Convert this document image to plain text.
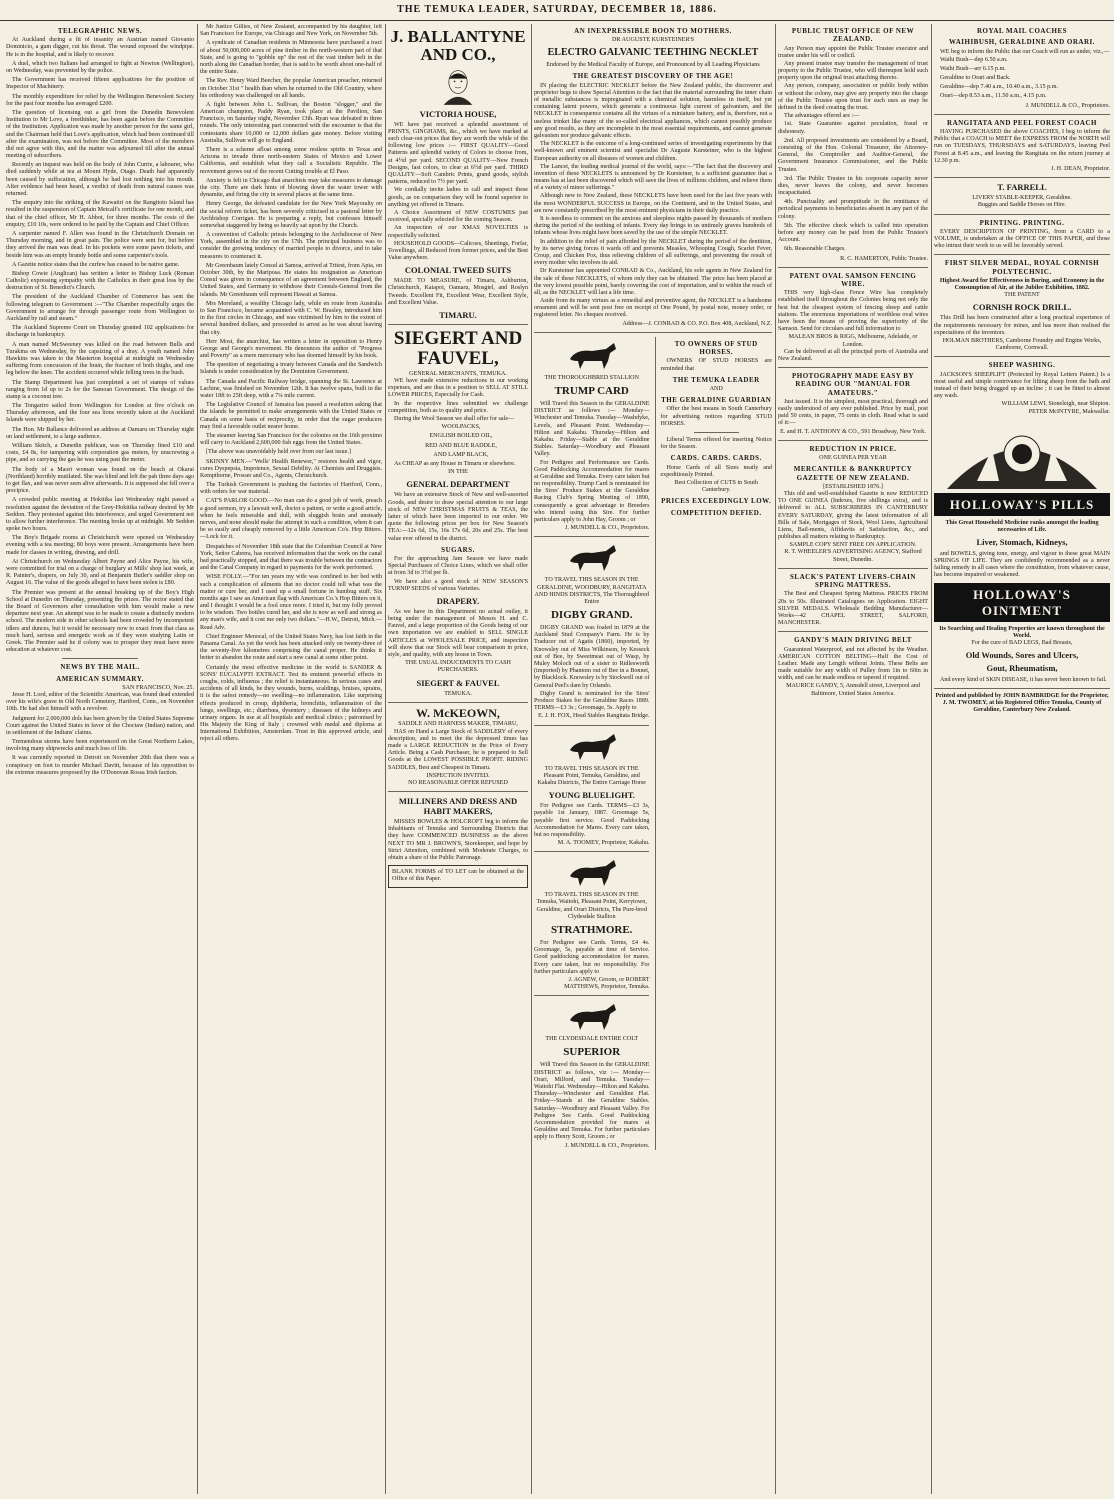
THE TEMUKA LEADER, SATURDAY, DECEMBER 18, 1886.
TELEGRAPHIC NEWS.

At Auckland during a fit of insanity an Austrian named Giovanio Dominicio, a gum digger, cut his throat. The wound exposed the windpipe. He is in the hospital, and is likely to recover.

A duel, which two Italians had arranged to fight at Newton (Wellington), on Wednesday, was prevented by the police.

The Government has received fifteen applications for the position of Inspector of Machinery.

The monthly expenditure for relief by the Wellington Benevolent Society for the past four months has averaged £200.

The question of licensing out a girl from the Dunedin Benevolent Institution to Mr Love, a freethinker, has been again before the Committee of the Institution. Application was made by another person for the same girl, and the Chairman held that Love's application, which had been continued till after the examination, was not before the Committee. Most of the members did not agree with this, and the matter was adjourned till after the annual meeting of subscribers.

Recently an inquest was held on the body of John Currie, a labourer, who died suddenly while at tea at Mount Hyde, Otago. Death had apparently been caused by suffocation, although he had lost nothing into his mouth. After evidence had been heard, a verdict of death from natural causes was returned.

The enquiry into the striking of the Kawatiri on the Rangitoto Island has resulted in the suspension of Captain Metcalf's certificate for one month, and that of the chief officer, Mr H. Abbot, for three months. The costs of the enquiry, £10 10s, were ordered to be paid by the Captain and Chief Officer.

A carpenter named F. Allen was found in the Christchurch Domain on Thursday morning, and in great pain. The police were sent for, but before they arrived the man was dead. In his pockets were some pawn tickets, and beside him was an empty brandy bottle and some carpenter's tools.

A Gazette notice states that the curfew has ceased to be native game.

Bishop Cowie (Anglican) has written a letter to Bishop Luck (Roman Catholic) expressing sympathy with the Catholics in their great loss by the destruction of St. Benedict's Church.

The president of the Auckland Chamber of Commerce has sent the following telegram to Government :—"The Chamber respectfully urges the Government to arrange for through passenger route from Wellington to Auckland by rail and steam."

The Auckland Supreme Court on Thursday granted 102 applications for discharge in bankruptcy.

A man named McSweeney was killed on the road between Bulls and Turakina on Wednesday, by the capsizing of a dray. A youth named John Hawkins was taken to the Masterton hospital at midnight on Wednesday suffering from concussion of the brain, the fracture of both thighs, and one leg below the knee. The accident occurred while felling trees in the bush.

The Stamp Department has just completed a set of stamps of values ranging from 1d up to 2s for the Samoan Government. The design of the stamp is a coconut tree.

The Tongariro sailed from Wellington for London at five o'clock on Thursday afternoon, and the four sea lions recently taken at the Auckland Islands were shipped by her.

The Hon. Mr Ballance delivered an address at Oamaru on Thursday night on land settlement, to a large audience.

William Skitch, a Dunedin publican, was on Thursday fined £10 and costs, £4 8s, for tampering with corporation gas meters, by unscrewing a pipe, and so carrying the gas he was using past the meter.

The body of a Maori woman was found on the beach at Okarai (Northland) horribly mutilated. She was blind and left the pah three days ago to get flax, and was never seen alive afterwards. It is supposed she fell over a precipice.

A crowded public meeting at Hokitika last Wednesday night passed a resolution against the deviation of the Grey-Hokitika railway desired by Mr Seddon. They protested against this interference, and urged Government not to allow further interference. The meeting broke up at midnight. Mr Seddon spoke two hours.

The Boy's Brigade rooms at Christchurch were opened on Wednesday evening with a tea meeting; 80 boys were present. Arrangements have been made for classes in writing, drawing, and drill.

At Christchurch on Wednesday Albert Payne and Alice Payne, his wife, were committed for trial on a charge of burglary at Mills' shop last week, at R. Painter's, drapers, on July 30, and at Benjamin Butler's saddler shop on August 16. The value of the goods alleged to have been stolen is £80.

The Premier was present at the annual breaking up of the Boy's High School at Dunedin on Thursday, presenting the prizes. The rector stated that the Board of Governors after consultation with him would make a new departure next year. An attempt was to be made to create a distinctly modern school. The modern side in other schools had been crowded by incompetent idlers and dunces, but it would be necessary now to exact from that class as much hard, serious and energetic work as if they were studying Latin or Greek. The Premier said he if colony was to prosper they must have more education at whatever cost.

NEWS BY THE MAIL.
AMERICAN SUMMARY.
SAN FRANCISCO, Nov. 25.

Jesse H. Lord, editor of the Scientific American, was found dead extended over his wife's grave in Old North Cemetery, Hartford, Conn., on November 10th. He had shot himself with a revolver.

Judgment for 2,000,000 dols has been given by the United States Supreme Court against the United States in favor of the Choctaw (Indian) nation, and in settlement of the Indians' claims.

Tremendous storms have been experienced on the Great Northern Lakes, involving many shipwrecks and much loss of life.

It was currently reported in Detroit on November 20th that there was a conspiracy on foot to murder Michael Davitt, because of his opposition to the extreme measures proposed by the O'Donovan Rossa Irish faction.

Mr Justice Gillies, of New Zealand, accompanied by his daughter, left San Francisco for Europe, via Chicago and New York, on November 5th.

A syndicate of Canadian residents in Minnesota have purchased a tract of about 50,000,000 acres of pine timber in the north-western part of that State, and is going to "gobble up" the rest of the vast timber belt in the north along the Canadian border, that is said to be worth about one-half of the entire State.

The Rev. Henry Ward Beecher, the popular American preacher, returned on October 31st " health than when he returned to the Old Country, where his orthodoxy was challenged on all hands.

A fight between John L. Sullivan, the Boston "slogger," and the American champion, Paddy Ryan, took place at the Pavilion, San Francisco, on Saturday night, November 13th. Ryan was defeated in three rounds. The only interesting part connected with the encounter is that the contestants share 10,000 or 12,000 dollars gate money. Before visiting Australia, Sullivan will go to England.

There is a scheme afloat among some restless spirits in Texas and Arizona to invade three north-eastern States of Mexico and Lower California, and establish what they call a Socialistic Republic. The movement grows out of the recent Cutting trouble at El Paso.

Anxiety is felt in Chicago that anarchists may take measures to damage the city. There are dark hints of blowing down the water tower with dynamite, and firing the city in several places at the same time.

Henry George, the defeated candidate for the New York Mayoralty on the social reform ticket, has been severely criticised in a pastoral letter by Archbishop Corrigan. He is preparing a reply, but confesses himself somewhat staggered by being so heavily sat upon by the Church.

A convention of Catholic priests belonging to the Archdiocese of New York, assembled in the city on the 17th. The principal business was to consider the growing tendency of married people to divorce, and to take measures to counteract it.

Mr Greenbaum lately Consul at Samoa, arrived at Tritest, from Apia, on October 30th, by the Mariposa. He states his resignation as American Consul was given in consequence of an agreement between England, the United States, and Germany to withdraw their Consuls-General from the islands. Mr Greenbaum will represent Hawaii at Samoa.

Mrs Moreland, a wealthy Chicago lady, while en route from Australia to San Francisco, became acquainted with C. W. Brasley, introduced him in the first circles in Chicago, and was victimised by him to the extent of several hundred dollars, and proceeded to arrest as he was about leaving that city.

Herr Most, the anarchist, has written a letter in opposition to Henry George and George's movement. He denounces the author of "Progress and Poverty" as a mere mercenary who has doomed himself by his book.

The question of negotiating a treaty between Canada and the Sandwich Islands is under consideration by the Dominion Government.

The Canada and Pacific Railway bridge, spanning the St. Lawrence at Lachine, was finished on November 12th. It has twelve spans, built in the water 18ft to 25ft deep, with a 7¼ mile current.

The Legislative Council of Jamaica has passed a resolution asking that the islands be permitted to make arrangements with the United States or Canada on some basis of reciprocity, in order that the sugar producers may find a favorable outlet nearer home.

The steamer leaving San Francisco for the colonies on the 16th proximo will carry to Auckland 2,600,000 fish eggs from the United States.

[The above was unavoidably held over from our last issue.]

SKINNY MEN.—"Wells' Health Renewer," restores health and vigor, cures Dyspepsia, Impotence, Sexual Debility. At Chemists and Druggists. Kempthorne, Prosser and Co., Agents, Christchurch.

The Turkish Government is pushing the factories of Hartford, Conn., with orders for war material.

CAT'S PARLOR GOOD.—No man can do a good job of work, preach a good sermon, try a lawsuit well, doctor a patient, or write a good article, when he feels miserable and dull, with sluggish brain and unsteady nerves, and none should make the attempt in such a condition, when it can be so easily and cheaply removed by a little American Co's. Hop Bitters.—Lock for it.

Despatches of November 18th state that the Columbian Council at New York, Señor Cabrera, has received information that the work on the canal had practically stopped, and that there was trouble between the contractors and the Canal Company in regard to payments for the work performed.

WISE FOLLY.—"For ten years my wife was confined to her bed with such a complication of ailments that no doctor could tell what was the matter or cure her, and I used up a small fortune in humbug stuff. Six months ago I saw an American flag with American Co.'s Hop Bitters on it, and I thought I would be a fool once more. I tried it, but my folly proved to be wisdom. Two bottles cured her, and she is now as well and strong as any man's wife, and it cost me only two dollars."—H.W., Detroit, Mich.—Read Adv.

Chief Engineer Menocal, of the United States Navy, has lost faith in the Panama Canal. As yet the work has been attacked only on twenty-three of the seventy-five kilometres comprising the canal proper. He thinks it better to abandon the route and start a new canal at some other point.

Certainly the most effective medicine in the world is SANDER & SONS' EUCALYPTI EXTRACT. Test its eminent powerful effects in coughs, colds, influenza ; the relief is instantaneous. In serious cases and accidents of all kinds, be they wounds, burns, scaldings, bruises, sprains, it is the safest remedy—no swelling—no inflammation. Like surprising effects produced in croup, diphtheria, bronchitis, inflammation of the lungs, swellings, etc.; diarrhœa, dysentery ; diseases of the kidneys and urinary organs. In use at all hospitals and medical clinics ; patronised by His Majesty the King of Italy ; crowned with medal and diploma at International Exhibition, Amsterdam. Trust in this approved article, and reject all others.

J. BALLANTYNE AND CO.,
VICTORIA HOUSE,

WE have just received a splendid assortment of PRINTS, GINGHAMS, &c., which we have marked at such clear-out prices that they are worth the while of the following low prices :— FIRST QUALITY—Good Patterns and splendid variety of Colors to choose from, at 4½d per yard. SECOND QUALITY—New French Designs, fast colors, to clear at 6½d per yard. THIRD QUALITY—Soft Cambric Prints, grand goods, stylish patterns, reduced to 7½ per yard.

We cordially invite ladies to call and inspect these goods, as on comparison they will be found superior to anything yet offered in Timaru.

A Choice Assortment of NEW COSTUMES just received, specially selected for the coming Season.

An inspection of our XMAS NOVELTIES is respectfully solicited.

HOUSEHOLD GOODS—Calicoes, Sheetings, Forfar, Towellings, all Reduced from former prices, and the Best Value anywhere.

COLONIAL TWEED SUITS

MADE TO MEASURE, of Timaru, Ashburton, Christchurch, Kaiapoi, Oamaru, Mosgiel, and Roslyn Tweeds. Excellent Fit, Excellent Wear, Excellent Style, and Excellent Value.

TIMARU.
SIEGERT AND FAUVEL,
GENERAL MERCHANTS, TEMUKA.

WE have made extensive reductions in our working expenses, and are thus in a position to SELL AT STILL LOWER PRICES, Especially for Cash.

In the respective lines submitted we challenge competition, both as to quality and price.

During the Wool Season we shall offer for sale—

WOOLPACKS,

ENGLISH BOILED OIL,

RED AND BLUE RADDLE,

AND LAMP BLACK,

As CHEAP as any House in Timaru or elsewhere.

IN THE
GENERAL DEPARTMENT

We have an extensive Stock of New and well-assorted Goods, and desire to draw special attention to our large stock of NEW CHRISTMAS FRUITS & TEAS, the latter of which have been imported to our order. We quote the following prices per box for New Season's TEA:—12s 6d, 15s, 16s 17s 6d, 20s and 25s. The best value ever offered in the district.

SUGARS.

For the approaching Jam Season we have made Special Purchases of Choice Lines, which we shall offer at from 3d to 3½d per lb.

We have also a good stock of NEW SEASON'S TURNIP SEEDS of various Varieties.

DRAPERY.

As we have in this Department no actual outlay, it being under the management of Messrs H. and C. Fauvel, and a large proportion of the Goods being of our own importation we are enabled to SELL SINGLE ARTICLES at WHOLESALE PRICE, and inspection will show that our Stock will bear comparison in price, style, and quality, with any house in Town.

THE USUAL INDUCEMENTS TO CASH PURCHASERS.
SIEGERT & FAUVEL
TEMUKA.
W. McKEOWN,
SADDLE AND HARNESS MAKER, TIMARU,

HAS on Hand a Large Stock of SADDLERY of every description, and to meet the the depressed times has made a LARGE REDUCTION in the Price of Every Article. Being a Cash Purchaser, he is prepared to Sell Goods at the LOWEST POSSIBLE PROFIT. RIDING SADDLES, Best and Cheapest in Timaru.

INSPECTION INVITED.
NO REASONABLE OFFER REFUSED
MILLINERS AND DRESS AND HABIT MAKERS,

MISSES BOWLES & HOLCROFT beg to inform the Inhabitants of Temuka and Surrounding Districts that they have COMMENCED BUSINESS as the above NEXT TO MR J. BROWN'S, Storekeeper, and hope by Strict Attention, combined with Moderate Charges, to obtain a share of the Public Patronage.

BLANK FORMS of TO LET can be obtained at the Office of this Paper.
AN INEXPRESSIBLE BOON TO MOTHERS.
DR AUGUSTE KURSTEINER'S
ELECTRO GALVANIC TEETHING NECKLET
Endorsed by the Medical Faculty of Europe, and Pronounced by all Leading Physicians
THE GREATEST DISCOVERY OF THE AGE!

IN placing the ELECTRIC NECKLET before the New Zealand public, the discoverer and proprietor begs to draw Special Attention to the fact that the material surrounding the inner chain of metallic substances is impregnated with a chemical solution, harmless in itself, but yet containing latent powers, which generate a continuous light current of galvanism, and the NECKLET in consequence contains all the virtues of a miniature battery, and is, therefore, not a useless trinket like many of the so-called electrical appliances, which cannot possibly produce any good results, as they are incomplete in the most essential requirements, and cannot generate galvanism nor produce galvanic effects.

The NECKLET is the outcome of a long-continued series of investigating experiments by that well-known and eminent scientist and specialist Dr Auguste Kursteiner, who is the highest European authority on all diseases of women and children.

The Lancet, the leading medical journal of the world, says:—"The fact that the discovery and invention of these NECKLETS is announced by Dr Kursteiner, is a sufficient guarantee that a means has at last been discovered which will save the lives of millions children, and relieve them of a variety of minor sufferings."

Although new to New Zealand, these NECKLETS have been used for the last five years with the most WONDERFUL SUCCESS in Europe, on the Continent, and in the United States, and are now constantly prescribed by the most eminent physicians in their daily practice.

It is needless to comment on the anxious and sleepless nights passed by thousands of mothers during the period of the teething of infants. Every day brings to us untimely graves hundreds of infants whose lives might have been saved by the use of the simple NECKLET.

In addition to the relief of pain afforded by the NECKLET during the period of the dentition, by its nerve giving forces it wards off and prevents Measles, Whooping Cough, Scarlet Fever, Croup, and Chicken Pox, thus relieving children of all sufferings, and preventing the result of every mother who involves its aid.

Dr Kursteiner has appointed CONRAD & Co., Auckland, his sole agents in New Zealand for the sale of these NECKLETS, of whom only they can be obtained. The price has been placed at the very lowest possible point, barely covering the cost of importation, and to within the reach of all, as the NECKLET will last a life time.

Aside from its many virtues as a remedial and preventive agent, the NECKLET is a handsome ornament and will be sent post free on receipt of One Pound, by postal note, money order, or registered letter. No cheques received.

Address—J. CONRAD & CO. P.O. Box 408, Auckland, N.Z.
THE THOROUGHBRED STALLION
TRUMP CARD

Will Travel this Season in the GERALDINE DISTRICT as follows :— Monday—Winchester and Temuka. Tuesday—Washdyke, Levels, and Pleasant Point. Wednesday—Hilton and Kakahu. Thursday—Hilton and Kakahu. Friday—Stable at the Geraldine Stables. Saturday—Woodbury and Pleasant Valley.

For Pedigree and Performance see Cards. Good Paddocking Accommodation for mares at Geraldine and Temuka. Every care taken but no responsibility. Trump Card is nominated for the Sires' Produce Stakes at the Geraldine Racing Club's Spring Meeting of 1890, consequently a great advantage to Breeders who intend using this Sire. For further particulars apply to John Hay, Groom ; or

J. MUNDELL & CO., Proprietors.
TO TRAVEL THIS SEASON IN THE GERALDINE, WOODBURY, RANGITATA AND HINDS DISTRICTS, The Thoroughbred Entire
DIGBY GRAND.

DIGBY GRAND was foaled in 1879 at the Auckland Stud Company's Farm. He is by Traducer out of Agatis (1860), imported, by Knowsley out of Miss Wilkinson, by Kesseck out of Bee, by Sweetmeat out of Wasp, by Muley Moloch out of a sister to Ridlesworth (imported) by Phantom out of Bee in a Bonnet, by Blacklock. Knowsley is by Stockwell out of General Peel's dam by Orlando.

Digby Grand is nominated for the Sires' Produce Stakes for the Geraldine Races 1889. TERMS—£3 3s ; Groomage, 5s. Apply to

E. J. H. FOX, Head Stables Rangitata Bridge.
TO TRAVEL THIS SEASON IN THE Pleasant Point, Temuka, Geraldine, and Kakahu Districts, The Entire Carriage Horse
YOUNG BLUELIGHT.

For Pedigree see Cards. TERMS—£3 3s, payable 1st January, 1887. Groomage 5s, payable first service. Good Paddocking Accommodation for Mares. Every care taken, but no responsibility.

M. A. TOOMEY, Proprietor, Kakahu.
TO TRAVEL THIS SEASON IN THE Temuka, Waitohi, Pleasant Point, Kerrytown, Geraldine, and Orari Districts, The Pure-bred Clydesdale Stallion
STRATHMORE.

For Pedigree see Cards. Terms, £4 4s. Groomage, 5s, payable at time of Service. Good paddocking accommodation for mares. Every care taken, but no responsibility. For further particulars apply to

J. AGNEW, Groom, or ROBERT MATTHEWS, Proprietor, Temuka.
THE CLYDESDALE ENTIRE COLT
SUPERIOR

Will Travel this Season in the GERALDINE DISTRICT as follows, viz :— Monday—Orari, Milford, and Temuka. Tuesday—Waitohi Flat. Wednesday—Hilton and Kakahu. Thursday—Winchester and Geraldine Flat. Friday—Stands at the Geraldine Stables. Saturday—Woodbury and Pleasant Valley. For Pedigree See Cards. Good Paddocking Accommodation provided for mares at Geraldine and Temuka. For further particulars apply to Henry Scott, Groom ; or

J. MUNDELL & CO., Proprietors.
TO OWNERS OF STUD HORSES.

OWNERS OF STUD HORSES are reminded that

THE TEMUKA LEADER
AND
THE GERALDINE GUARDIAN

Offer the best means in South Canterbury for advertising notices regarding STUD HORSES.

Liberal Terms offered for inserting Notice for the Season.

CARDS. CARDS. CARDS.

Horse Cards of all Sizes neatly and expeditiously Printed.

Best Collection of CUTS in South Canterbury.
PRICES EXCEEDINGLY LOW.
COMPETITION DEFIED.
PUBLIC TRUST OFFICE OF NEW ZEALAND.

Any Person may appoint the Public Trustee executor and trustee under his will or codicil.

Any present trustee may transfer the management of trust property to the Public Trustee, who will thereupon hold such property upon the original trust attaching thereto.

Any person, company, association or public body within or without the colony, may give any property into the charge of the Public Trustee upon trust for such uses as may be defined in the deed creating the trust.

The advantages offered are :—

1st. State Guarantee against peculation, fraud or dishonesty.

2nd. All proposed investments are considered by a Board, consisting of the Hon. Colonial Treasurer, the Attorney-General, the Comptroller and Auditor-General, the Government Insurance Commissioner, and the Public Trustee.

3rd. The Public Trustee in his corporate capacity never dies, never leaves the colony, and never becomes incapacitated.

4th. Punctuality and promptitude in the remittance of periodical payments to beneficiaries absent in any part of the colony.

5th. The effective check which is called into operation before any money can be paid from the Public Trustee's Account.

6th. Reasonable Charges.

R. C. HAMERTON, Public Trustee.
PATENT OVAL SAMSON FENCING WIRE.

THIS very high-class Fence Wire has completely established itself throughout the Colonies being not only the best but the cheapest system of fencing sheep and cattle stations. The enormous importations of worthless oval wires have been the means of proving the superiority of the Samson. Send for circulars and full information to

MALEAN BROS & RIGG, Melbourne, Adelaide, or London.

Can be delivered at all the principal ports of Australia and New Zealand.

PHOTOGRAPHY MADE EASY BY READING OUR "MANUAL FOR AMATEURS."

Just issued. It is the simplest, most practical, thorough and easily understood of any ever published. Price by mail, post paid 50 cents, in paper, 75 cents in cloth. Read what is said of it:—

E. and H. T. ANTHONY & CO., 591 Broadway, New York.
REDUCTION IN PRICE.
ONE GUINEA PER YEAR
MERCANTILE & BANKRUPTCY GAZETTE OF NEW ZEALAND.
[ESTABLISHED 1876.]

This old and well-established Gazette is now REDUCED TO ONE GUINEA (Indexes, five shillings extra), and is delivered to ALL SUBSCRIBERS IN CANTERBURY EVERY SATURDAY, giving the latest information of all Bills of Sale, Mortgages of Stock, Wool Liens, Agricultural Liens, Bail-ments, Affidavits of Satisfaction, &c., and publishes all matters relating to Bankruptcy.

SAMPLE COPY SENT FREE ON APPLICATION.
R. T. WHEELER'S ADVERTISING AGENCY, Stafford Street, Dunedin.
SLACK'S PATENT LIVERS-CHAIN SPRING MATTRESS.

The Best and Cheapest Spring Mattress. PRICES FROM 20s to 50s. Illustrated Catalogues on Application. EIGHT SILVER MEDALS. Wholesale Bedding Manufacturer—Works—42 CHAPEL STREET, SALFORD, MANCHESTER.

GANDY'S MAIN DRIVING BELT

Guaranteed Waterproof, and not affected by the Weather. AMERICAN COTTON BELTING—Half the Cost of Leather. Made any Length without Joints. These Belts are made suitable for any width of Pulley from 1in to 60in in width, and can be made endless or tapered if required.

MAURICE GANDY, 5, Annsdell street, Liverpool and Baltimore, United States America.
ROYAL MAIL COACHES
WAIHIBUSH, GERALDINE AND ORARI.

WE beg to inform the Public that our Coach will run as under, viz.,—

Waihi Bush—dep 6.50 a.m.

Waihi Bush—arr 6.15 p.m.

Geraldine to Orari and Back.

Geraldine—dep 7.40 a.m., 10.40 a.m., 3.15 p.m.

Orari—dep 8.53 a.m., 11.50 a.m., 4.15 p.m.

J. MUNDELL & CO., Proprietors.
RANGITATA AND PEEL FOREST COACH

HAVING PURCHASED the above COACHES, I beg to inform the Public that a COACH to MEET the EXPRESS FROM the NORTH will run on TUESDAYS, THURSDAYS and SATURDAYS, leaving Peel Forest at 8.45 a.m., and leaving the Rangitata on the return journey at 12.30 p.m.

J. H. DEAN, Proprietor.
T. FARRELL
LIVERY STABLE-KEEPER, Geraldine.
Buggies and Saddle Horses on Hire.
PRINTING. PRINTING.

EVERY DESCRIPTION OF PRINTING, from a CARD to a VOLUME, is undertaken at the OFFICE OF THIS PAPER, and those who intrust their work to us will be favorably served.

FIRST SILVER MEDAL, ROYAL CORNISH POLYTECHNIC.
Highest Award for Effectiveness in Boring, and Economy in the Consumption of Air, at the Jubilee Exhibition, 1882.
THE PATENT
CORNISH ROCK DRILL.

This Drill has been constructed after a long practical experience of the requirements necessary for mines, and has more than realised the expectations of the inventors.

HOLMAN BROTHERS, Camborne Foundry and Engine Works, Camborne, Cornwall.
SHEEP WASHING.

JACKSON'S SHEEPLIFT (Protected by Royal Letters Patent.) Is a most useful and simple contrivance for lifting sheep from the bath and instead of their being dragged up an incline ; it can be fitted to almost any wash.

WILLIAM LEWI, Stoneleigh, near Shipton.
PETER McINTYRE, Makwallar.
HOLLOWAY'S PILLS
This Great Household Medicine ranks amongst the leading necessaries of Life.
Liver, Stomach, Kidneys,

and BOWELS, giving tone, energy, and vigour to these great MAIN SPRINGS OF LIFE. They are confidently recommended as a never failing remedy in all cases where the constitution, from whatever cause, has become impaired or weakened.

HOLLOWAY'S OINTMENT
Its Searching and Healing Properties are known throughout the World.
For the cure of BAD LEGS, Bad Breasts,
Old Wounds, Sores and Ulcers,
Gout, Rheumatism,

And every kind of SKIN DISEASE, it has never been known to fail.

Printed and published by JOHN BAMBRIDGE for the Proprietor, J. M. TWOMEY, at his Registered Office Temuka, County of Geraldine, Canterbury New Zealand.
